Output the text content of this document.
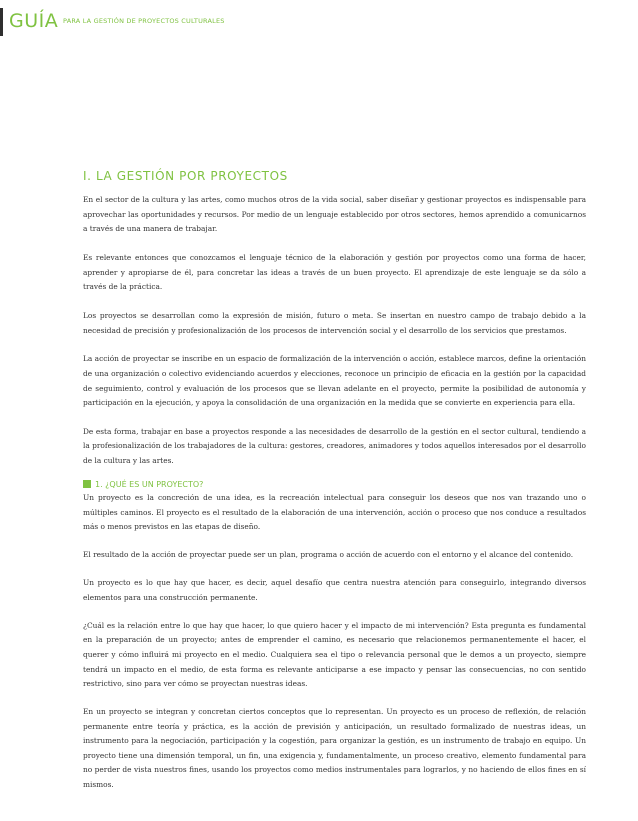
GUÍA PARA LA GESTIÓN DE PROYECTOS CULTURALES
I. LA GESTIÓN POR PROYECTOS

En el sector de la cultura y las artes, como muchos otros de la vida social, saber diseñar y gestionar proyectos es indispensable para aprovechar las oportunidades y recursos. Por medio de un lenguaje establecido por otros sectores, hemos aprendido a comunicarnos a través de una manera de trabajar.

Es relevante entonces que conozcamos el lenguaje técnico de la elaboración y gestión por proyectos como una forma de hacer, aprender y apropiarse de él, para concretar las ideas a través de un buen proyecto. El aprendizaje de este lenguaje se da sólo a través de la práctica.

Los proyectos se desarrollan como la expresión de misión, futuro o meta. Se insertan en nuestro campo de trabajo debido a la necesidad de precisión y profesionalización de los procesos de intervención social y el desarrollo de los servicios que prestamos.

La acción de proyectar se inscribe en un espacio de formalización de la intervención o acción, establece marcos, define la orientación de una organización o colectivo evidenciando acuerdos y elecciones, reconoce un principio de eficacia en la gestión por la capacidad de seguimiento, control y evaluación de los procesos que se llevan adelante en el proyecto, permite la posibilidad de autonomía y participación en la ejecución, y apoya la consolidación de una organización en la medida que se convierte en experiencia para ella.

De esta forma, trabajar en base a proyectos responde a las necesidades de desarrollo de la gestión en el sector cultural, tendiendo a la profesionalización de los trabajadores de la cultura: gestores, creadores, animadores y todos aquellos interesados por el desarrollo de la cultura y las artes.

1. ¿QUÉ ES UN PROYECTO?

Un proyecto es la concreción de una idea, es la recreación intelectual para conseguir los deseos que nos van trazando uno o múltiples caminos. El proyecto es el resultado de la elaboración de una intervención, acción o proceso que nos conduce a resultados más o menos previstos en las etapas de diseño.

El resultado de la acción de proyectar puede ser un plan, programa o acción de acuerdo con el entorno y el alcance del contenido.

Un proyecto es lo que hay que hacer, es decir, aquel desafío que centra nuestra atención para conseguirlo, integrando diversos elementos para una construcción permanente.

¿Cuál es la relación entre lo que hay que hacer, lo que quiero hacer y el impacto de mi intervención? Esta pregunta es fundamental en la preparación de un proyecto; antes de emprender el camino, es necesario que relacionemos permanentemente el hacer, el querer y cómo influirá mi proyecto en el medio. Cualquiera sea el tipo o relevancia personal que le demos a un proyecto, siempre tendrá un impacto en el medio, de esta forma es relevante anticiparse a ese impacto y pensar las consecuencias, no con sentido restrictivo, sino para ver cómo se proyectan nuestras ideas.

En un proyecto se integran y concretan ciertos conceptos que lo representan. Un proyecto es un proceso de reflexión, de relación permanente entre teoría y práctica, es la acción de previsión y anticipación, un resultado formalizado de nuestras ideas, un instrumento para la negociación, participación y la cogestión, para organizar la gestión, es un instrumento de trabajo en equipo. Un proyecto tiene una dimensión temporal, un fin, una exigencia y, fundamentalmente, un proceso creativo, elemento fundamental para no perder de vista nuestros fines, usando los proyectos como medios instrumentales para lograrlos, y no haciendo de ellos fines en sí mismos.
